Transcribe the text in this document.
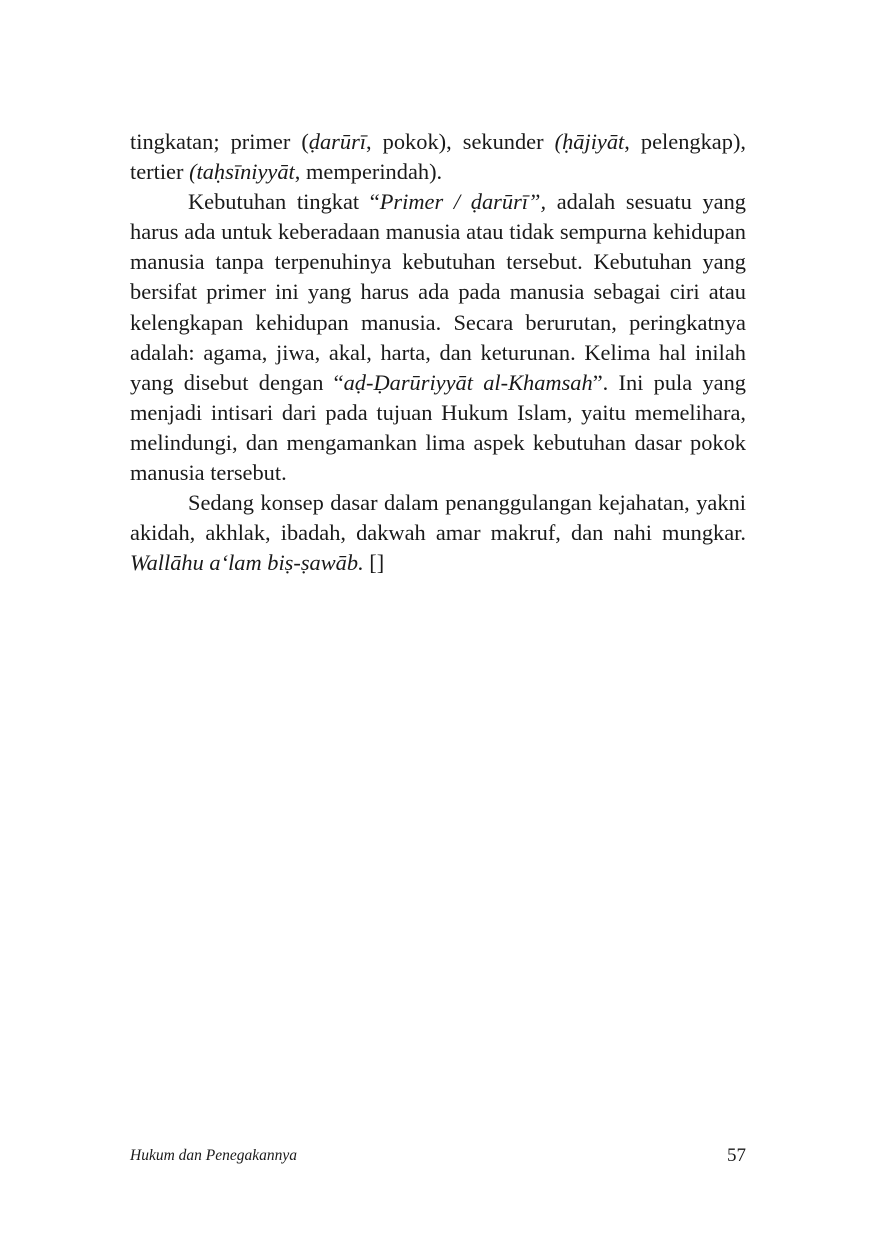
tingkatan; primer (ḍarūrī, pokok), sekunder (ḥājiyāt, pelengkap), tertier (taḥsīniyyāt, memperindah).

Kebutuhan tingkat “Primer / ḍarūrī”, adalah sesuatu yang harus ada untuk keberadaan manusia atau tidak sempurna kehidupan manusia tanpa terpenuhinya kebutuhan tersebut. Kebutuhan yang bersifat primer ini yang harus ada pada manusia sebagai ciri atau kelengkapan kehidupan manusia. Secara berurutan, peringkatnya adalah: agama, jiwa, akal, harta, dan keturunan. Kelima hal inilah yang disebut dengan “aḍ-Ḍarūriyyāt al-Khamsah”. Ini pula yang menjadi intisari dari pada tujuan Hukum Islam, yaitu memelihara, melindungi, dan mengamankan lima aspek kebutuhan dasar pokok manusia tersebut.

Sedang konsep dasar dalam penanggulangan kejahatan, yakni akidah, akhlak, ibadah, dakwah amar makruf, dan nahi mungkar. Wallāhu a‘lam biṣ-ṣawāb. []

Hukum dan Penegakannya	57
